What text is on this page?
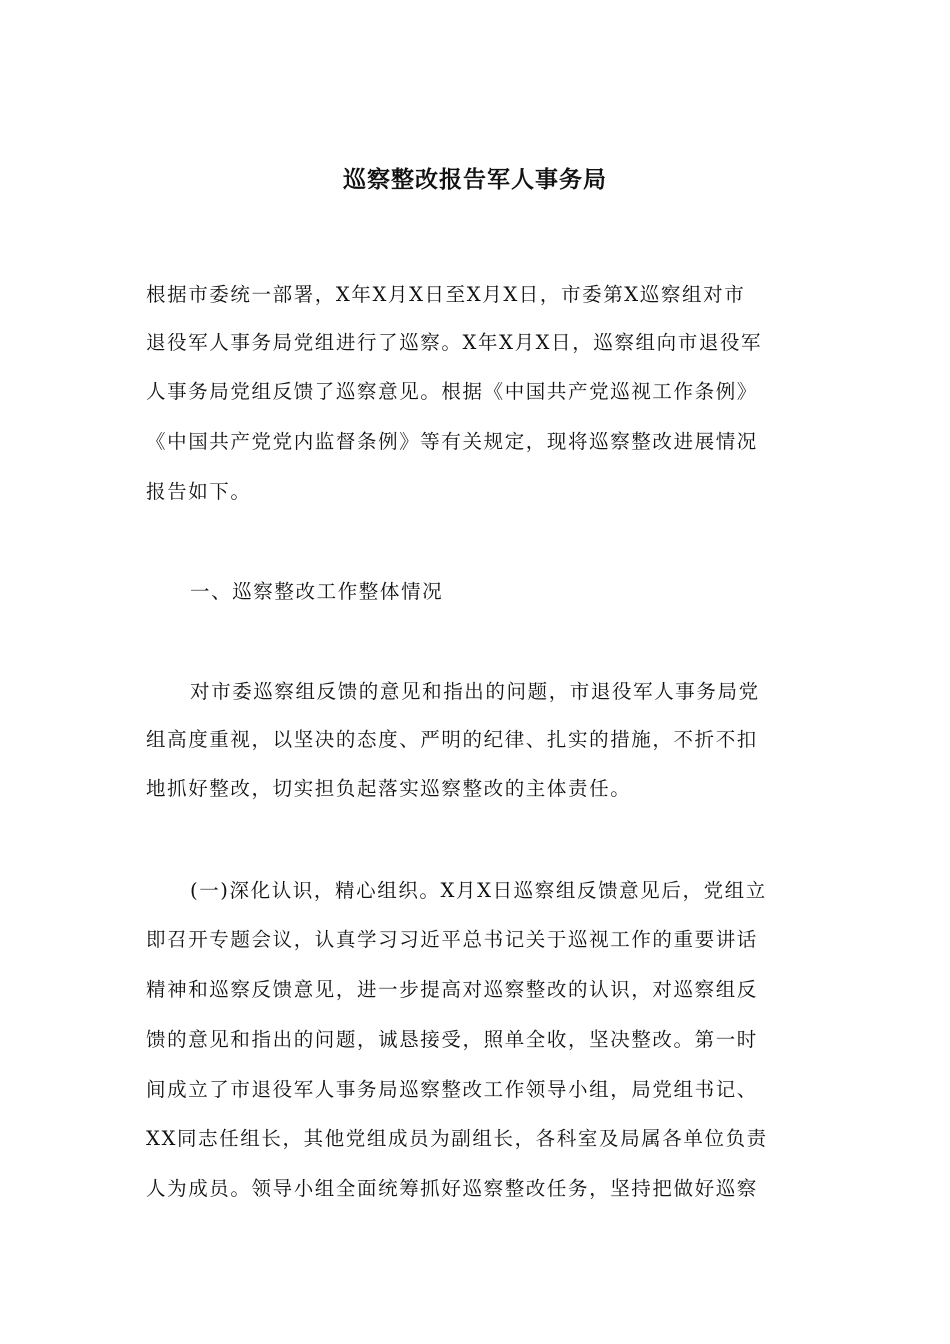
巡察整改报告军人事务局
根据市委统一部署，X年X月X日至X月X日，市委第X巡察组对市
退役军人事务局党组进行了巡察。X年X月X日，巡察组向市退役军
人事务局党组反馈了巡察意见。根据《中国共产党巡视工作条例》
《中国共产党党内监督条例》等有关规定，现将巡察整改进展情况
报告如下。
一、巡察整改工作整体情况
对市委巡察组反馈的意见和指出的问题，市退役军人事务局党
组高度重视，以坚决的态度、严明的纪律、扎实的措施，不折不扣
地抓好整改，切实担负起落实巡察整改的主体责任。
(一)深化认识，精心组织。X月X日巡察组反馈意见后，党组立
即召开专题会议，认真学习习近平总书记关于巡视工作的重要讲话
精神和巡察反馈意见，进一步提高对巡察整改的认识，对巡察组反
馈的意见和指出的问题，诚恳接受，照单全收，坚决整改。第一时
间成立了市退役军人事务局巡察整改工作领导小组，局党组书记、
XX同志任组长，其他党组成员为副组长，各科室及局属各单位负责
人为成员。领导小组全面统筹抓好巡察整改任务，坚持把做好巡察
